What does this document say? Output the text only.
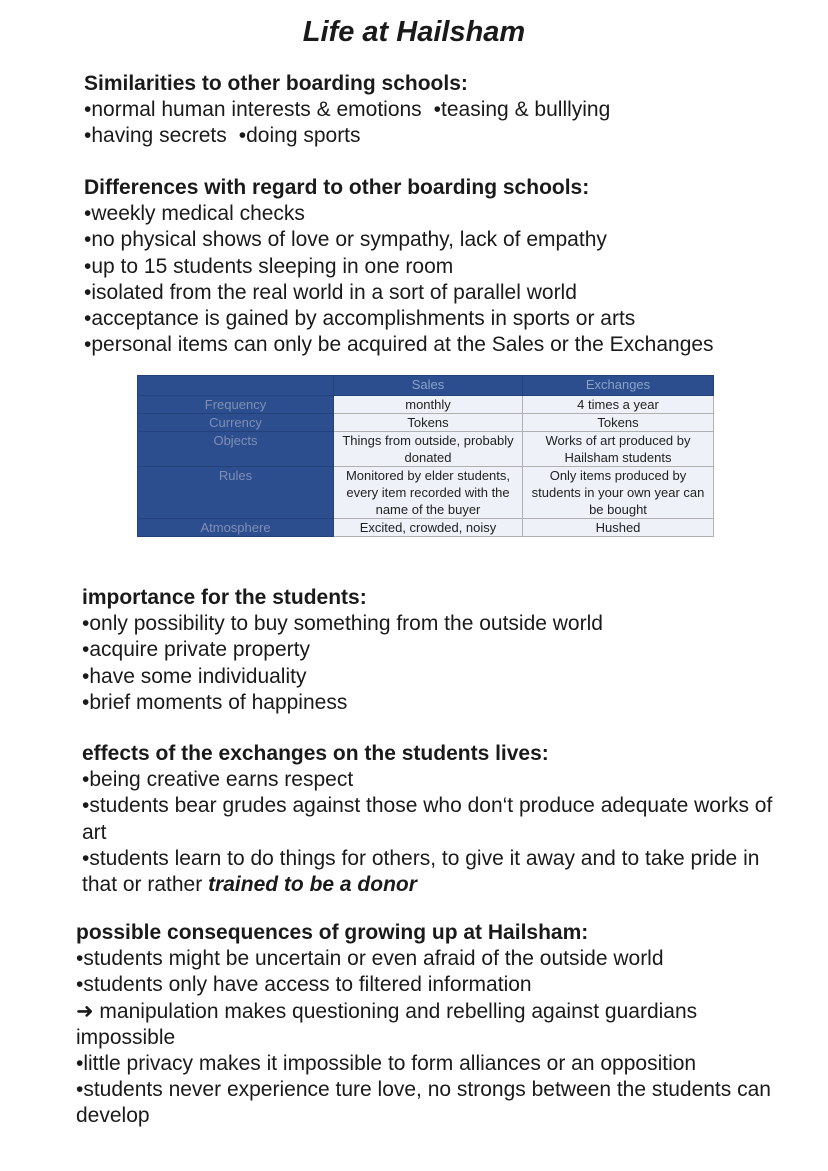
Life at Hailsham
Similarities to other boarding schools:

•normal human interests & emotions •teasing & bulllying

•having secrets •doing sports

Differences with regard to other boarding schools:

•weekly medical checks

•no physical shows of love or sympathy, lack of empathy

•up to 15 students sleeping in one room

•isolated from the real world in a sort of parallel world

•acceptance is gained by accomplishments in sports or arts

•personal items can only be acquired at the Sales or the Exchanges

	Sales	Exchanges
Frequency	monthly	4 times a year
Currency	Tokens	Tokens
Objects	Things from outside, probably donated	Works of art produced by Hailsham students
Rules	Monitored by elder students, every item recorded with the name of the buyer	Only items produced by students in your own year can be bought
Atmosphere	Excited, crowded, noisy	Hushed
importance for the students:

•only possibility to buy something from the outside world

•acquire private property

•have some individuality

•brief moments of happiness

effects of the exchanges on the students lives:

•being creative earns respect

•students bear grudes against those who don‘t produce adequate works of art

•students learn to do things for others, to give it away and to take pride in that or rather trained to be a donor

possible consequences of growing up at Hailsham:

•students might be uncertain or even afraid of the outside world

•students only have access to filtered information

➜ manipulation makes questioning and rebelling against guardians impossible

•little privacy makes it impossible to form alliances or an opposition

•students never experience ture love, no strongs between the students can develop
